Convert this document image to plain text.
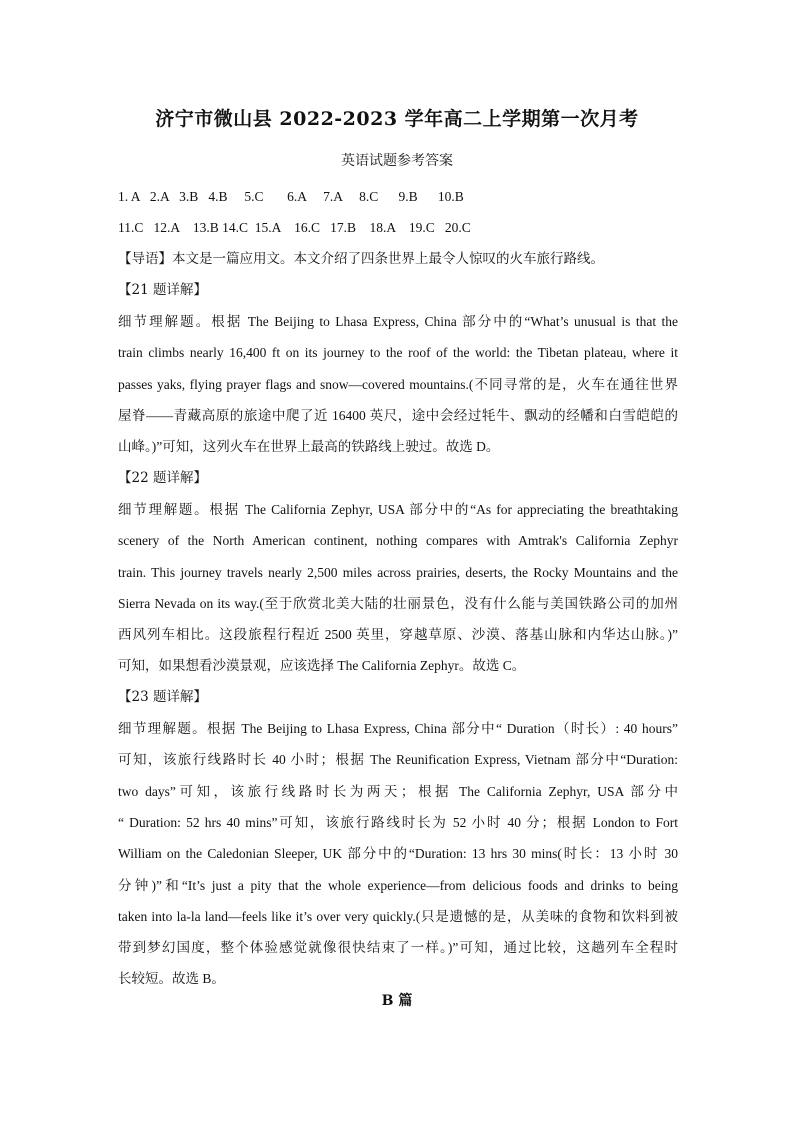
济宁市微山县 2022-2023 学年高二上学期第一次月考
英语试题参考答案
1. A   2.A   3.B   4.B     5.C       6.A     7.A     8.C      9.B      10.B
11.C   12.A    13.B 14.C  15.A    16.C   17.B    18.A    19.C   20.C
【导语】本文是一篇应用文。本文介绍了四条世界上最令人惊叹的火车旅行路线。
【21 题详解】
细节理解题。根据 The Beijing to Lhasa Express, China 部分中的“What’s unusual is that the
train climbs nearly 16,400 ft on its journey to the roof of the world: the Tibetan plateau, where it
passes yaks, flying prayer flags and snow—covered mountains.(不同寻常的是，火车在通往世界
屋脊——青藏高原的旅途中爬了近 16400 英尺，途中会经过牦牛、飘动的经幡和白雪皑皑的
山峰。)”可知，这列火车在世界上最高的铁路线上驶过。故选 D。
【22 题详解】
细节理解题。根据 The California Zephyr, USA 部分中的“As for appreciating the breathtaking
scenery of the North American continent, nothing compares with Amtrak's California Zephyr
train. This journey travels nearly 2,500 miles across prairies, deserts, the Rocky Mountains and the
Sierra Nevada on its way.(至于欣赏北美大陆的壮丽景色，没有什么能与美国铁路公司的加州
西风列车相比。这段旅程行程近 2500 英里，穿越草原、沙漠、落基山脉和内华达山脉。)”
可知，如果想看沙漠景观，应该选择 The California Zephyr。故选 C。
【23 题详解】
细节理解题。根据 The Beijing to Lhasa Express, China 部分中“ Duration（时长）: 40 hours”
可知，该旅行线路时长 40 小时；根据 The Reunification Express, Vietnam 部分中“Duration:
two days”可知，该旅行线路时长为两天；根据 The California Zephyr, USA 部分中
“ Duration: 52 hrs 40 mins”可知，该旅行路线时长为 52 小时 40 分；根据 London to Fort
William on the Caledonian Sleeper, UK 部分中的“Duration: 13 hrs 30 mins(时长：13 小时 30
分钟)”和“It’s just a pity that the whole experience—from delicious foods and drinks to being
taken into la-la land—feels like it’s over very quickly.(只是遗憾的是，从美味的食物和饮料到被
带到梦幻国度，整个体验感觉就像很快结束了一样。)”可知，通过比较，这趟列车全程时
长较短。故选 B。
B 篇
